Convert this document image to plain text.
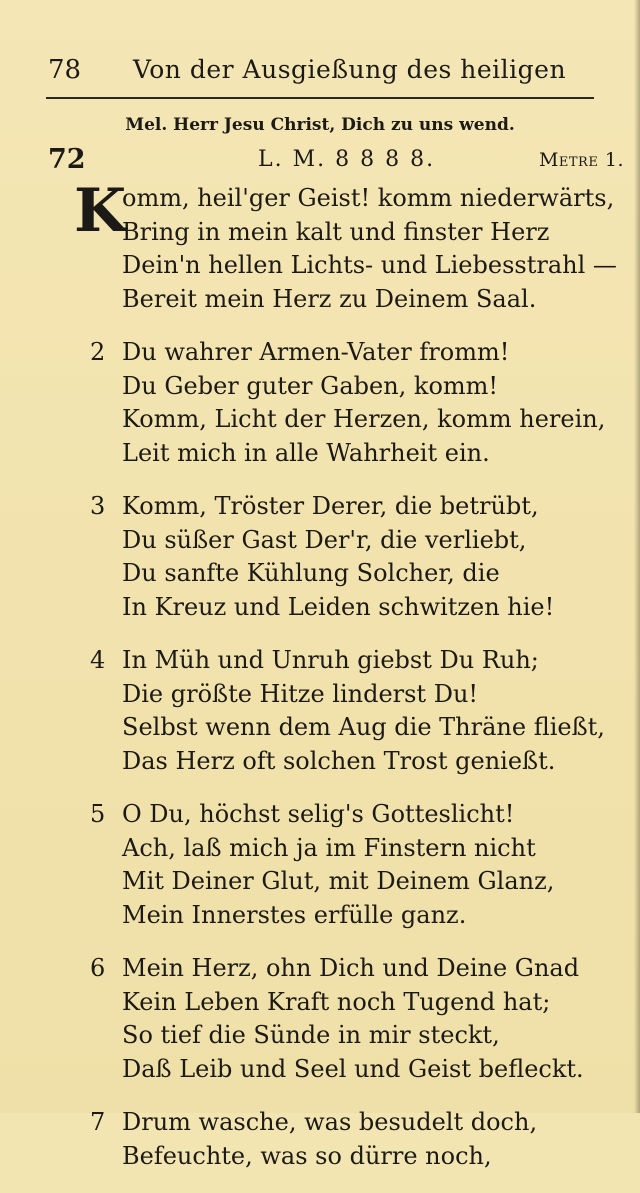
78 Von der Ausgießung des heiligen
Mel. Herr Jesu Christ, Dich zu uns wend.
72	L. M. 8 8 8 8.	Metre 1.
K
omm, heil'ger Geist! komm niederwärts,
Bring in mein kalt und finster Herz
Dein'n hellen Lichts- und Liebesstrahl —
Bereit mein Herz zu Deinem Saal.
2 Du wahrer Armen-Vater fromm!
Du Geber guter Gaben, komm!
Komm, Licht der Herzen, komm herein,
Leit mich in alle Wahrheit ein.
3 Komm, Tröster Derer, die betrübt,
Du süßer Gast Der'r, die verliebt,
Du sanfte Kühlung Solcher, die
In Kreuz und Leiden schwitzen hie!
4 In Müh und Unruh giebst Du Ruh;
Die größte Hitze linderst Du!
Selbst wenn dem Aug die Thräne fließt,
Das Herz oft solchen Trost genießt.
5 O Du, höchst selig's Gotteslicht!
Ach, laß mich ja im Finstern nicht
Mit Deiner Glut, mit Deinem Glanz,
Mein Innerstes erfülle ganz.
6 Mein Herz, ohn Dich und Deine Gnad
Kein Leben Kraft noch Tugend hat;
So tief die Sünde in mir steckt,
Daß Leib und Seel und Geist befleckt.
7 Drum wasche, was besudelt doch,
Befeuchte, was so dürre noch,
